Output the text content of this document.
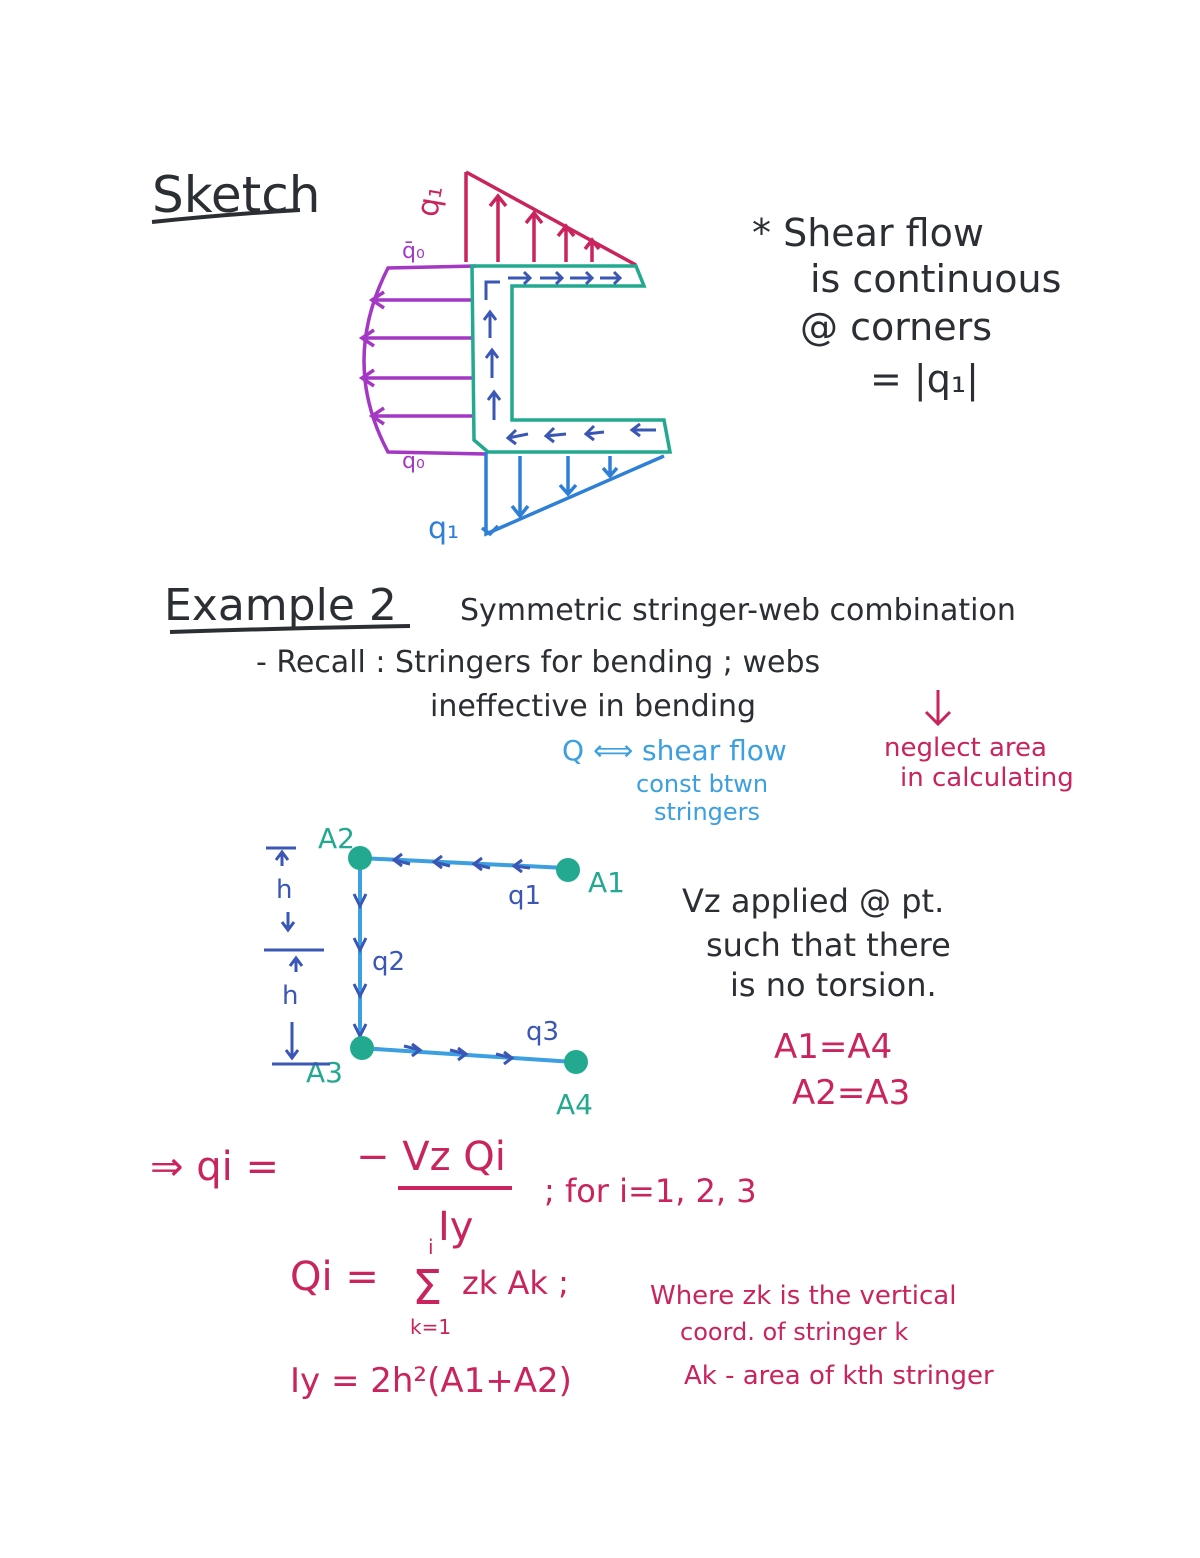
Sketch	q₁
q̄₀
q̄₀
q₁
* Shear flow
is continuous
@ corners
= |q₁|
Example 2 Symmetric stringer-web combination
- Recall : Stringers for bending ; webs
ineffective in bending
Q ⟺ shear flow
const btwn
stringers
neglect area
in calculating
A2
A1
A3
A4
q1
q2
q3
h
h
Vz applied @ pt.
such that there
is no torsion.
A1=A4
A2=A3
⇒ qi = − Vz Qi
Iy
; for i=1, 2, 3
Qi =
i
Σ zk Ak ;
k=1
Where zk is the vertical
coord. of stringer k
Ak - area of kth stringer
Iy = 2h²(A1+A2)
